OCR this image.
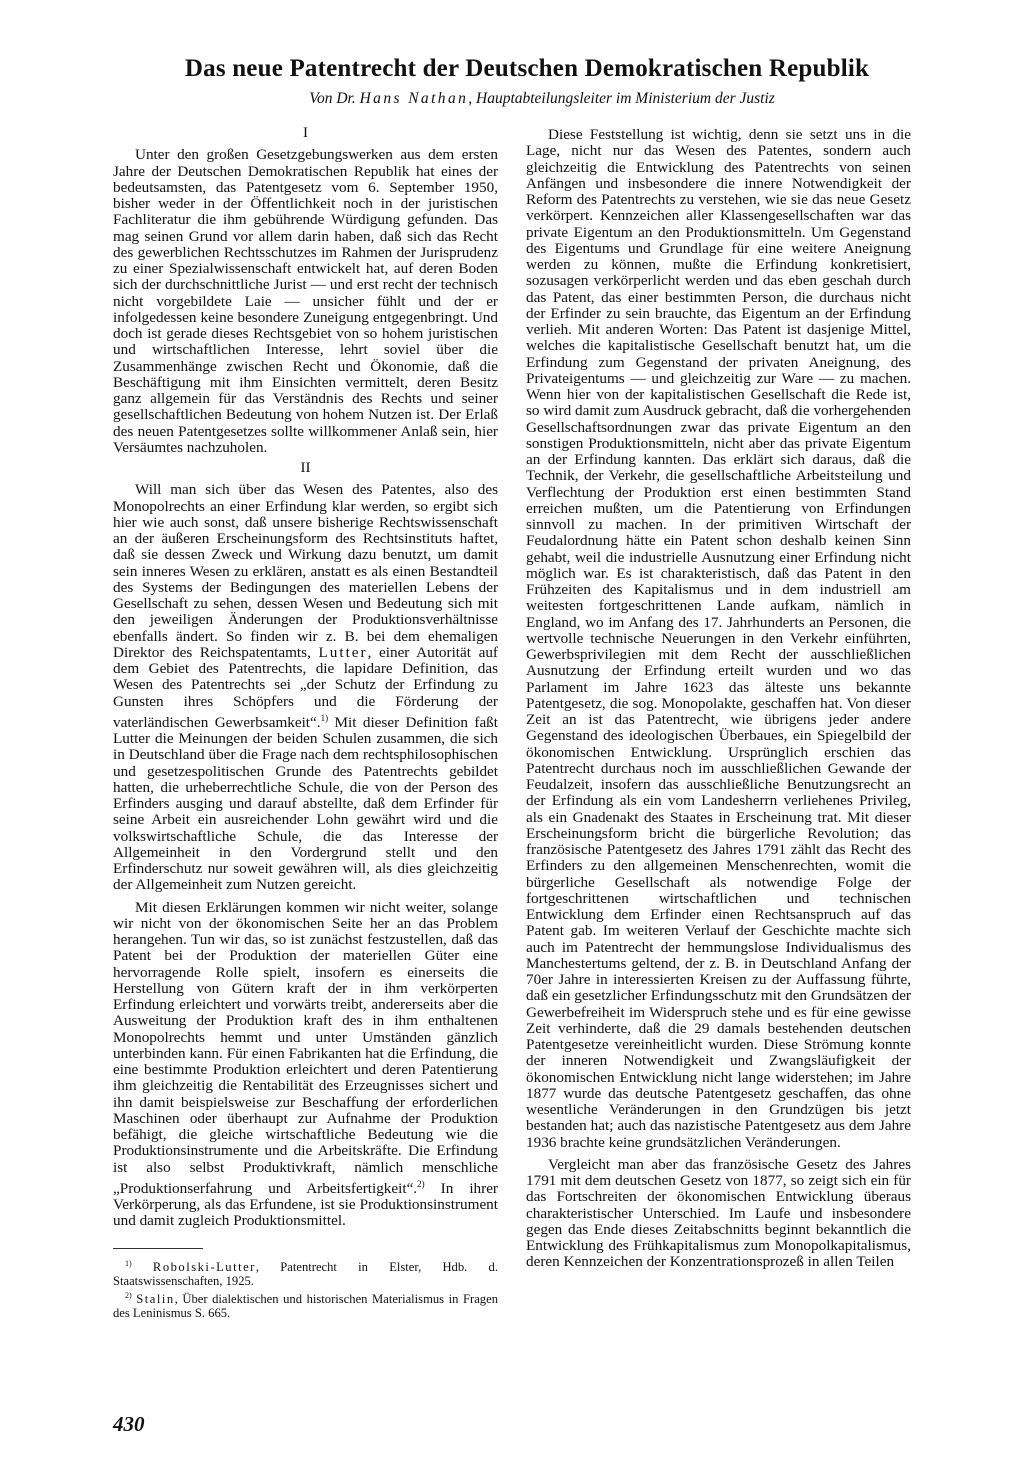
Das neue Patentrecht der Deutschen Demokratischen Republik
Von Dr. Hans Nathan, Hauptabteilungsleiter im Ministerium der Justiz
I

Unter den großen Gesetzgebungswerken aus dem ersten Jahre der Deutschen Demokratischen Republik hat eines der bedeutsamsten, das Patentgesetz vom 6. September 1950, bisher weder in der Öffentlichkeit noch in der juristischen Fachliteratur die ihm gebührende Würdigung gefunden. Das mag seinen Grund vor allem darin haben, daß sich das Recht des gewerblichen Rechtsschutzes im Rahmen der Jurisprudenz zu einer Spezialwissenschaft entwickelt hat, auf deren Boden sich der durchschnittliche Jurist — und erst recht der technisch nicht vorgebildete Laie — unsicher fühlt und der er infolgedessen keine besondere Zuneigung entgegenbringt. Und doch ist gerade dieses Rechtsgebiet von so hohem juristischen und wirtschaftlichen Interesse, lehrt soviel über die Zusammenhänge zwischen Recht und Ökonomie, daß die Beschäftigung mit ihm Einsichten vermittelt, deren Besitz ganz allgemein für das Verständnis des Rechts und seiner gesellschaftlichen Bedeutung von hohem Nutzen ist. Der Erlaß des neuen Patentgesetzes sollte willkommener Anlaß sein, hier Versäumtes nachzuholen.

II

Will man sich über das Wesen des Patentes, also des Monopolrechts an einer Erfindung klar werden, so ergibt sich hier wie auch sonst, daß unsere bisherige Rechtswissenschaft an der äußeren Erscheinungsform des Rechtsinstituts haftet, daß sie dessen Zweck und Wirkung dazu benutzt, um damit sein inneres Wesen zu erklären, anstatt es als einen Bestandteil des Systems der Bedingungen des materiellen Lebens der Gesellschaft zu sehen, dessen Wesen und Bedeutung sich mit den jeweiligen Änderungen der Produktionsverhältnisse ebenfalls ändert. So finden wir z. B. bei dem ehemaligen Direktor des Reichspatentamts, Lutter, einer Autorität auf dem Gebiet des Patentrechts, die lapidare Definition, das Wesen des Patentrechts sei „der Schutz der Erfindung zu Gunsten ihres Schöpfers und die Förderung der vaterländischen Gewerbsamkeit“.$^{1)}$ Mit dieser Definition faßt Lutter die Meinungen der beiden Schulen zusammen, die sich in Deutschland über die Frage nach dem rechtsphilosophischen und gesetzespolitischen Grunde des Patentrechts gebildet hatten, die urheberrechtliche Schule, die von der Person des Erfinders ausging und darauf abstellte, daß dem Erfinder für seine Arbeit ein ausreichender Lohn gewährt wird und die volkswirtschaftliche Schule, die das Interesse der Allgemeinheit in den Vordergrund stellt und den Erfinderschutz nur soweit gewähren will, als dies gleichzeitig der Allgemeinheit zum Nutzen gereicht.

Mit diesen Erklärungen kommen wir nicht weiter, solange wir nicht von der ökonomischen Seite her an das Problem herangehen. Tun wir das, so ist zunächst festzustellen, daß das Patent bei der Produktion der materiellen Güter eine hervorragende Rolle spielt, insofern es einerseits die Herstellung von Gütern kraft der in ihm verkörperten Erfindung erleichtert und vorwärts treibt, andererseits aber die Ausweitung der Produktion kraft des in ihm enthaltenen Monopolrechts hemmt und unter Umständen gänzlich unterbinden kann. Für einen Fabrikanten hat die Erfindung, die eine bestimmte Produktion erleichtert und deren Patentierung ihm gleichzeitig die Rentabilität des Erzeugnisses sichert und ihn damit beispielsweise zur Beschaffung der erforderlichen Maschinen oder überhaupt zur Aufnahme der Produktion befähigt, die gleiche wirtschaftliche Bedeutung wie die Produktionsinstrumente und die Arbeitskräfte. Die Erfindung ist also selbst Produktivkraft, nämlich menschliche „Produktionserfahrung und Arbeitsfertigkeit“.$^{2)}$ In ihrer Verkörperung, als das Erfundene, ist sie Produktionsinstrument und damit zugleich Produktionsmittel.

$^{1)}$ Robolski-Lutter, Patentrecht in Elster, Hdb. d. Staatswissenschaften, 1925.

$^{2)}$ Stalin, Über dialektischen und historischen Materialismus in Fragen des Leninismus S. 665.

Diese Feststellung ist wichtig, denn sie setzt uns in die Lage, nicht nur das Wesen des Patentes, sondern auch gleichzeitig die Entwicklung des Patentrechts von seinen Anfängen und insbesondere die innere Notwendigkeit der Reform des Patentrechts zu verstehen, wie sie das neue Gesetz verkörpert. Kennzeichen aller Klassengesellschaften war das private Eigentum an den Produktionsmitteln. Um Gegenstand des Eigentums und Grundlage für eine weitere Aneignung werden zu können, mußte die Erfindung konkretisiert, sozusagen verkörperlicht werden und das eben geschah durch das Patent, das einer bestimmten Person, die durchaus nicht der Erfinder zu sein brauchte, das Eigentum an der Erfindung verlieh. Mit anderen Worten: Das Patent ist dasjenige Mittel, welches die kapitalistische Gesellschaft benutzt hat, um die Erfindung zum Gegenstand der privaten Aneignung, des Privateigentums — und gleichzeitig zur Ware — zu machen. Wenn hier von der kapitalistischen Gesellschaft die Rede ist, so wird damit zum Ausdruck gebracht, daß die vorhergehenden Gesellschaftsordnungen zwar das private Eigentum an den sonstigen Produktionsmitteln, nicht aber das private Eigentum an der Erfindung kannten. Das erklärt sich daraus, daß die Technik, der Verkehr, die gesellschaftliche Arbeitsteilung und Verflechtung der Produktion erst einen bestimmten Stand erreichen mußten, um die Patentierung von Erfindungen sinnvoll zu machen. In der primitiven Wirtschaft der Feudalordnung hätte ein Patent schon deshalb keinen Sinn gehabt, weil die industrielle Ausnutzung einer Erfindung nicht möglich war. Es ist charakteristisch, daß das Patent in den Frühzeiten des Kapitalismus und in dem industriell am weitesten fortgeschrittenen Lande aufkam, nämlich in England, wo im Anfang des 17. Jahrhunderts an Personen, die wertvolle technische Neuerungen in den Verkehr einführten, Gewerbsprivilegien mit dem Recht der ausschließlichen Ausnutzung der Erfindung erteilt wurden und wo das Parlament im Jahre 1623 das älteste uns bekannte Patentgesetz, die sog. Monopolakte, geschaffen hat. Von dieser Zeit an ist das Patentrecht, wie übrigens jeder andere Gegenstand des ideologischen Überbaues, ein Spiegelbild der ökonomischen Entwicklung. Ursprünglich erschien das Patentrecht durchaus noch im ausschließlichen Gewande der Feudalzeit, insofern das ausschließliche Benutzungsrecht an der Erfindung als ein vom Landesherrn verliehenes Privileg, als ein Gnadenakt des Staates in Erscheinung trat. Mit dieser Erscheinungsform bricht die bürgerliche Revolution; das französische Patentgesetz des Jahres 1791 zählt das Recht des Erfinders zu den allgemeinen Menschenrechten, womit die bürgerliche Gesellschaft als notwendige Folge der fortgeschrittenen wirtschaftlichen und technischen Entwicklung dem Erfinder einen Rechtsanspruch auf das Patent gab. Im weiteren Verlauf der Geschichte machte sich auch im Patentrecht der hemmungslose Individualismus des Manchestertums geltend, der z. B. in Deutschland Anfang der 70er Jahre in interessierten Kreisen zu der Auffassung führte, daß ein gesetzlicher Erfindungsschutz mit den Grundsätzen der Gewerbefreiheit im Widerspruch stehe und es für eine gewisse Zeit verhinderte, daß die 29 damals bestehenden deutschen Patentgesetze vereinheitlicht wurden. Diese Strömung konnte der inneren Notwendigkeit und Zwangsläufigkeit der ökonomischen Entwicklung nicht lange widerstehen; im Jahre 1877 wurde das deutsche Patentgesetz geschaffen, das ohne wesentliche Veränderungen in den Grundzügen bis jetzt bestanden hat; auch das nazistische Patentgesetz aus dem Jahre 1936 brachte keine grundsätzlichen Veränderungen.

Vergleicht man aber das französische Gesetz des Jahres 1791 mit dem deutschen Gesetz von 1877, so zeigt sich ein für das Fortschreiten der ökonomischen Entwicklung überaus charakteristischer Unterschied. Im Laufe und insbesondere gegen das Ende dieses Zeitabschnitts beginnt bekanntlich die Entwicklung des Frühkapitalismus zum Monopolkapitalismus, deren Kennzeichen der Konzentrationsprozeß in allen Teilen

430
